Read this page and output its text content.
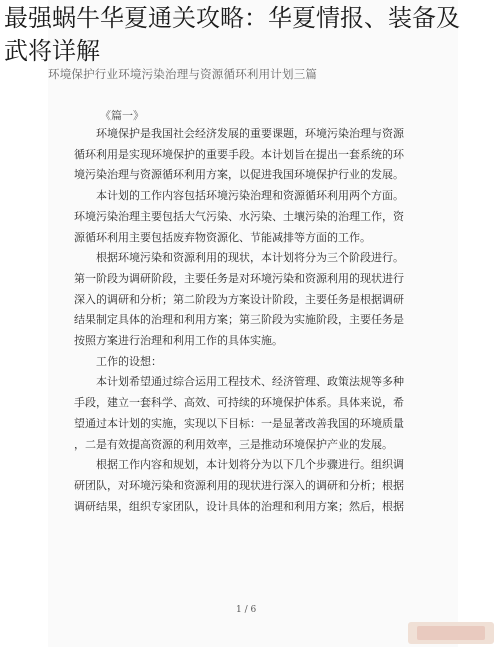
最强蜗牛华夏通关攻略：华夏情报、装备及
武将详解
环境保护行业环境污染治理与资源循环利用计划三篇
《篇一》
　　环境保护是我国社会经济发展的重要课题，环境污染治理与资源
循环利用是实现环境保护的重要手段。本计划旨在提出一套系统的环
境污染治理与资源循环利用方案，以促进我国环境保护行业的发展。
　　本计划的工作内容包括环境污染治理和资源循环利用两个方面。
环境污染治理主要包括大气污染、水污染、土壤污染的治理工作，资
源循环利用主要包括废弃物资源化、节能减排等方面的工作。
　　根据环境污染和资源利用的现状，本计划将分为三个阶段进行。
第一阶段为调研阶段，主要任务是对环境污染和资源利用的现状进行
深入的调研和分析；第二阶段为方案设计阶段，主要任务是根据调研
结果制定具体的治理和利用方案；第三阶段为实施阶段，主要任务是
按照方案进行治理和利用工作的具体实施。
　　工作的设想：
　　本计划希望通过综合运用工程技术、经济管理、政策法规等多种
手段，建立一套科学、高效、可持续的环境保护体系。具体来说，希
望通过本计划的实施，实现以下目标：一是显著改善我国的环境质量
，二是有效提高资源的利用效率，三是推动环境保护产业的发展。
　　根据工作内容和规划，本计划将分为以下几个步骤进行。组织调
研团队，对环境污染和资源利用的现状进行深入的调研和分析；根据
调研结果，组织专家团队，设计具体的治理和利用方案；然后，根据
1 / 6
